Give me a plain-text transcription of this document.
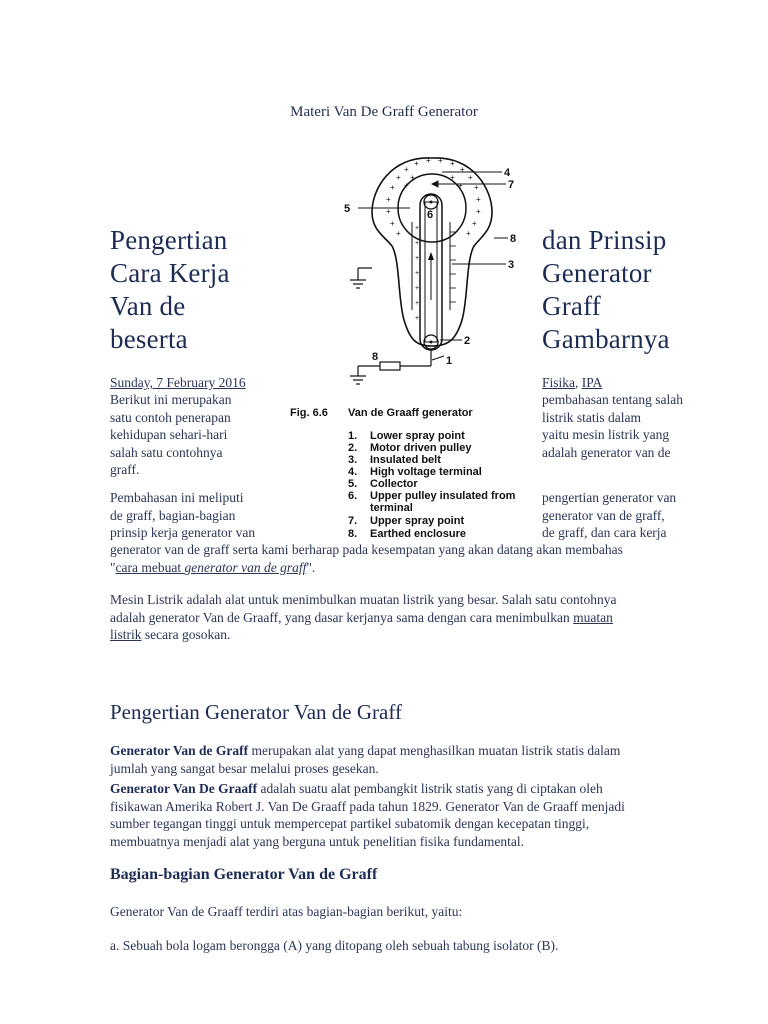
Materi Van De Graff Generator
Pengertian
Cara Kerja
Van de
beserta
dan Prinsip
Generator
Graff
Gambarnya
Sunday, 7 February 2016	Fisika, IPA
Berikut ini merupakan
satu contoh penerapan
kehidupan sehari-hari
salah satu contohnya
graff.
pembahasan tentang salah
listrik statis dalam
yaitu mesin listrik yang
adalah generator van de
Pembahasan ini meliputi
de graff, bagian-bagian
prinsip kerja generator van
pengertian generator van
generator van de graff,
de graff, dan cara kerja
generator van de graff serta kami berharap pada kesempatan yang akan datang akan membahas
"cara mebuat generator van de graff".
Mesin Listrik adalah alat untuk menimbulkan muatan listrik yang besar. Salah satu contohnya
adalah generator Van de Graaff, yang dasar kerjanya sama dengan cara menimbulkan muatan
listrik secara gosokan.
Pengertian Generator Van de Graff
Generator Van de Graff merupakan alat yang dapat menghasilkan muatan listrik statis dalam
jumlah yang sangat besar melalui proses gesekan.
Generator Van De Graaff adalah suatu alat pembangkit listrik statis yang di ciptakan oleh
fisikawan Amerika Robert J. Van De Graaff pada tahun 1829. Generator Van de Graaff menjadi
sumber tegangan tinggi untuk mempercepat partikel subatomik dengan kecepatan tinggi,
membuatnya menjadi alat yang berguna untuk penelitian fisika fundamental.
Bagian-bagian Generator Van de Graff
Generator Van de Graaff terdiri atas bagian-bagian berikut, yaitu:
a. Sebuah bola logam berongga (A) yang ditopang oleh sebuah tabung isolator (B).
+
+
+ + + +
+
+
+
+
+
+
+
+
+
+
+
+
+
+	+
+
+
+
+
+
+
+
+
4
7
5	6
8
3
2
1
8
Fig. 6.6 Van de Graaff generator
1. Lower spray point
2. Motor driven pulley
3. Insulated belt
4. High voltage terminal
5. Collector
6. Upper pulley insulated from
terminal
7. Upper spray point
8. Earthed enclosure
